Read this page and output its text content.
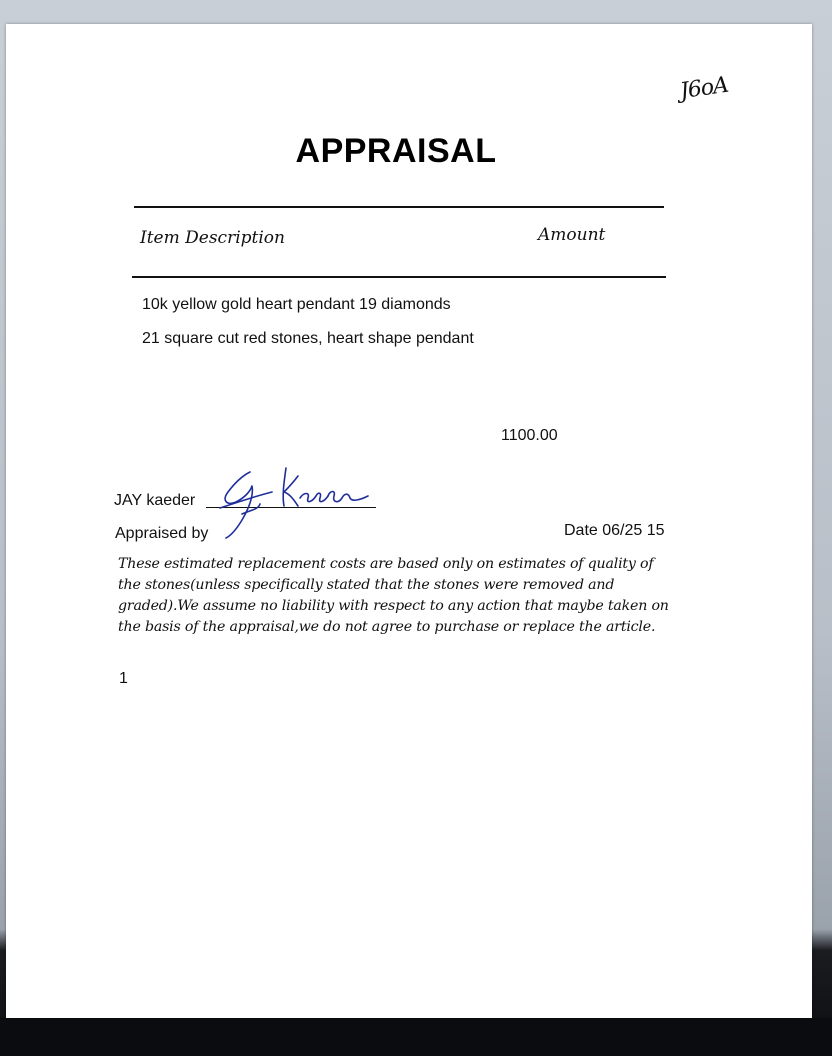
J6oA
APPRAISAL
Item Description	Amount
10k yellow gold heart pendant 19 diamonds
21 square cut red stones, heart shape pendant
1100.00
JAY kaeder
Appraised by	Date 06/25 15
These estimated replacement costs are based only on estimates of quality of the stones(unless specifically stated that the stones were removed and graded).We assume no liability with respect to any action that maybe taken on the basis of the appraisal,we do not agree to purchase or replace the article.
1
